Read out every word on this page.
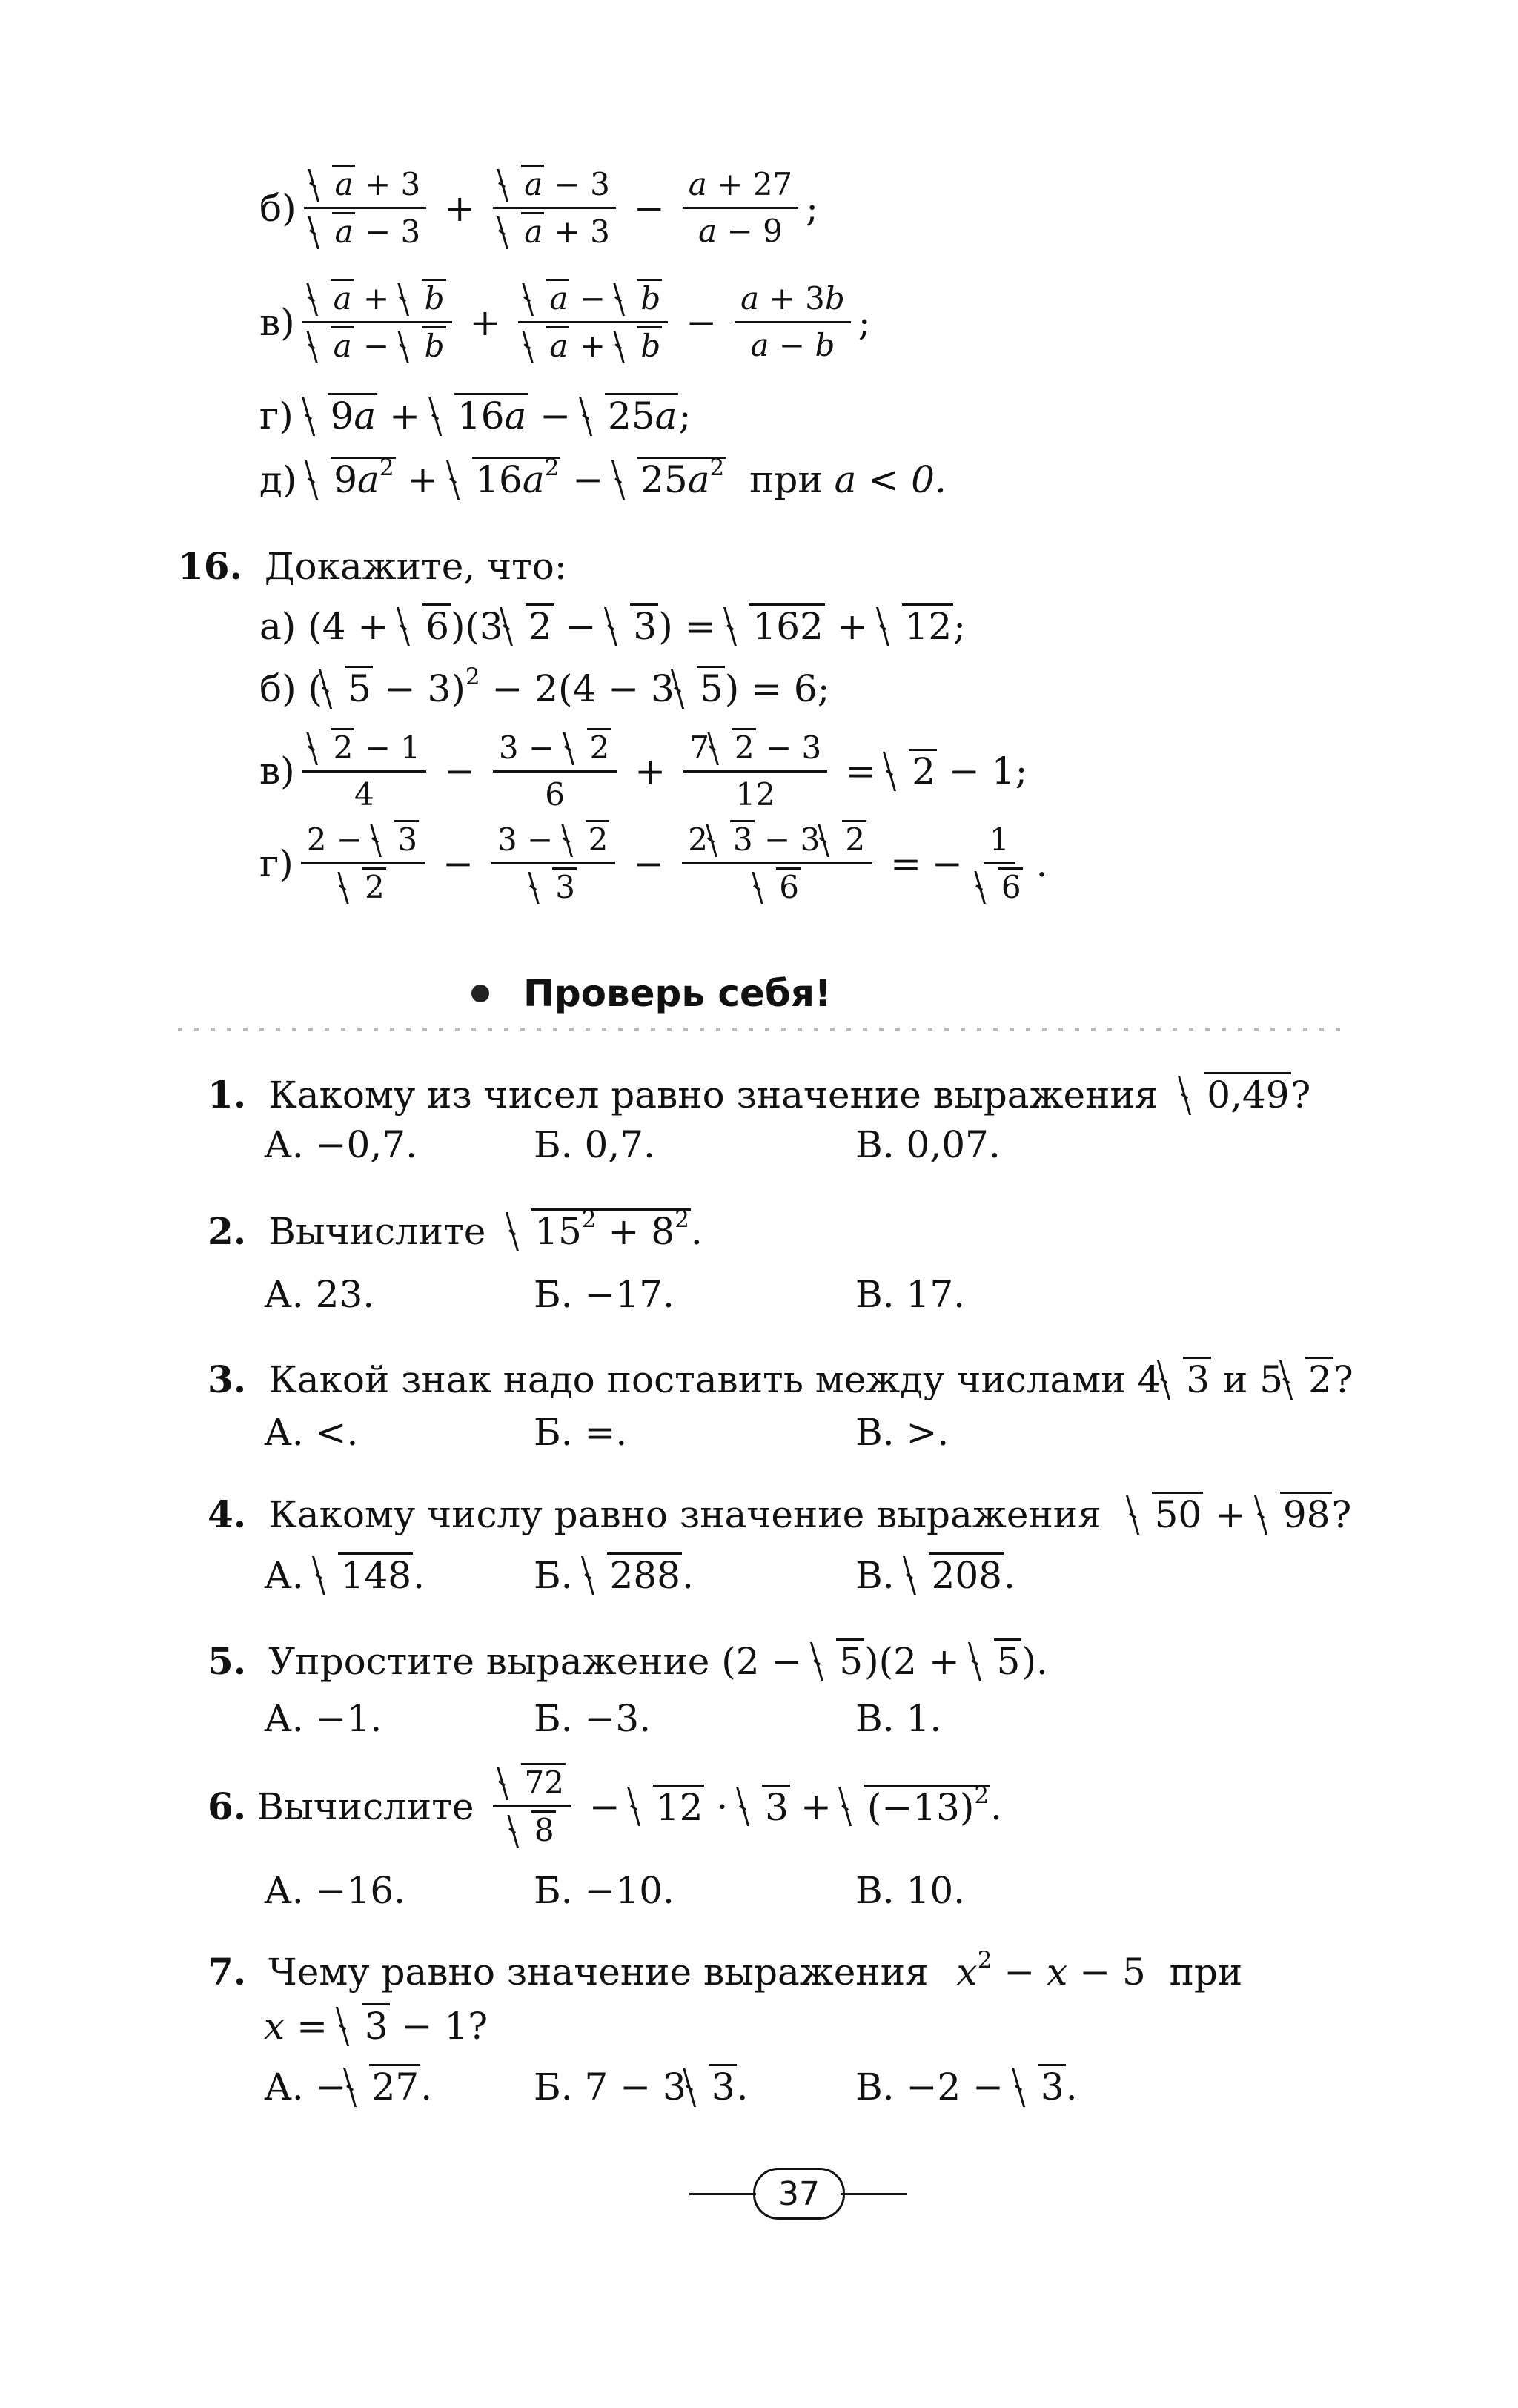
$б) \frac{a + 3}{a - 3} + \frac{a - 3}{a + 3} - \frac{a + 27}{a - 9}$ ;
$в) \frac{a + b}{a - b} + \frac{a - b}{a + b} - \frac{a + 3b}{a - b}$ ;
г) 9a + 16a − 25a;
д) $9a^2 + 16a^2 - 25a^2$ при a < 0.
16. Докажите, что:
а) (4 + 6)(3 2 − 3) = 162 + 12;
б) ( 5 − 3)$^2$ − 2(4 − 3 5) = 6;
$в) \frac{2 - 1}{4} - \frac{3 - 2}{6} + \frac{7 2 - 3}{12} = 2 - 1$;
$г) \frac{2 - 3}{2} - \frac{3 - 2}{3} - \frac{2 3 - 3 2}{6}$ = − $\frac{1}{6}$ .
Проверь себя!
1. Какому из чисел равно значение выражения 0,49?
А. −0,7.	Б. 0,7.	В. 0,07.
2. Вычислите $15^2 + 8^2$.
А. 23.	Б. −17.	В. 17.
3. Какой знак надо поставить между числами 4 3 и 5 2?
А. <.	Б. =.	В. >.
4. Какому числу равно значение выражения 50 + 98?
А. 148.	Б. 288.	В. 208.
5. Упростите выражение (2 − 5)(2 + 5).
А. −1.	Б. −3.	В. 1.
6. Вычислите $\frac{72}{8} - 12 \cdot 3 + (-13)^2$ .
А. −16.	Б. −10.	В. 10.
7. Чему равно значение выражения $x^2 - x - 5$  при
x = 3 − 1?
А. − 27.	Б. 7 − 3 3.	В. −2 − 3.
37
